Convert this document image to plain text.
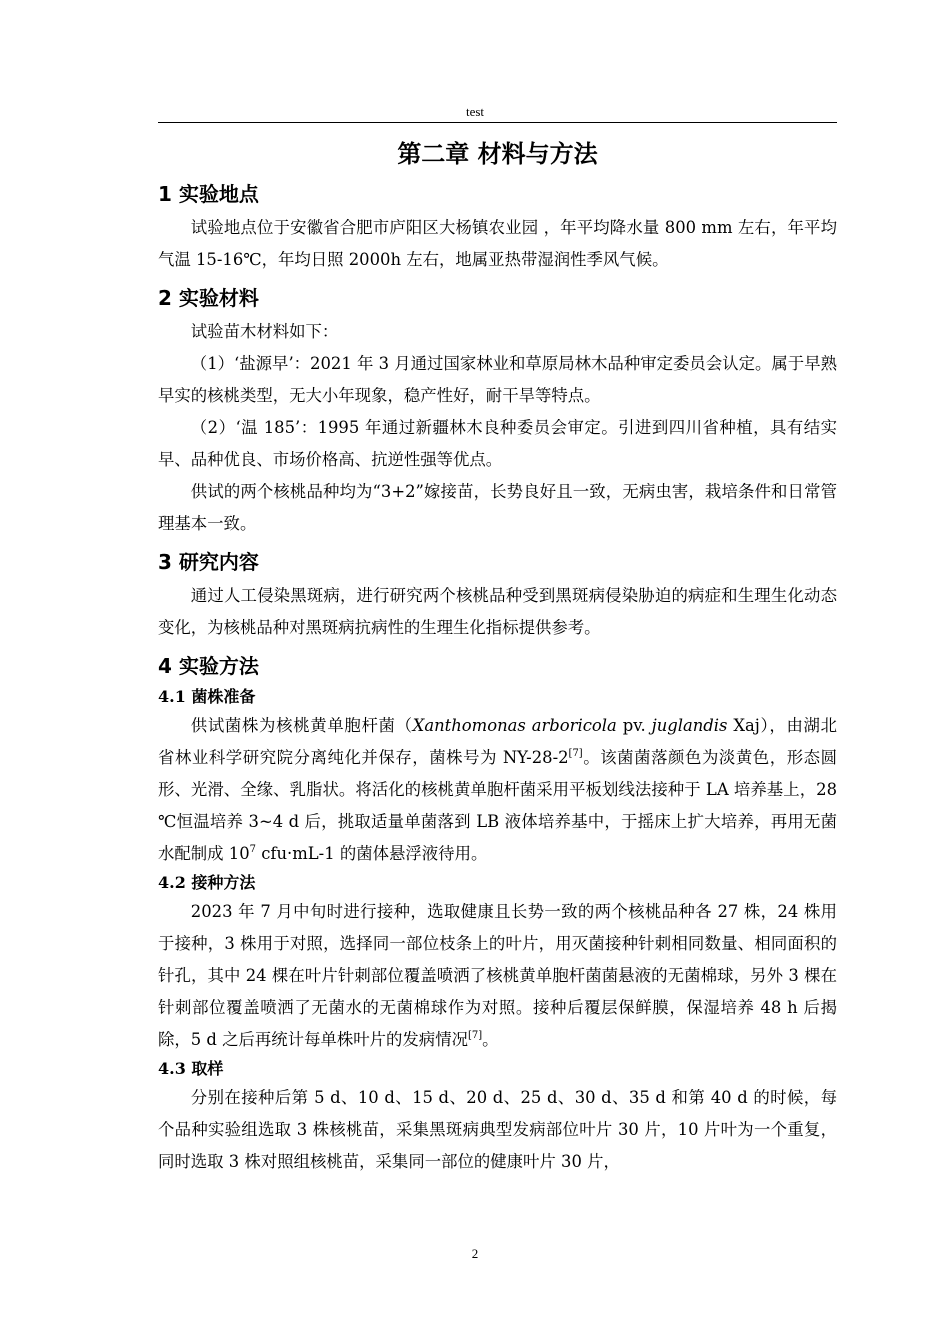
test
第二章 材料与方法
1 实验地点

试验地点位于安徽省合肥市庐阳区大杨镇农业园 ，年平均降水量 800 mm 左右，年平均气温 15-16℃，年均日照 2000h 左右，地属亚热带湿润性季风气候。

2 实验材料

试验苗木材料如下：

（1）‘盐源早’：2021 年 3 月通过国家林业和草原局林木品种审定委员会认定。属于早熟早实的核桃类型，无大小年现象，稳产性好，耐干旱等特点。

（2）‘温 185’：1995 年通过新疆林木良种委员会审定。引进到四川省种植，具有结实早、品种优良、市场价格高、抗逆性强等优点。

供试的两个核桃品种均为“3+2”嫁接苗，长势良好且一致，无病虫害，栽培条件和日常管理基本一致。

3 研究内容

通过人工侵染黑斑病，进行研究两个核桃品种受到黑斑病侵染胁迫的病症和生理生化动态变化，为核桃品种对黑斑病抗病性的生理生化指标提供参考。

4 实验方法
4.1 菌株准备

供试菌株为核桃黄单胞杆菌（Xanthomonas arboricola pv. juglandis Xaj），由湖北省林业科学研究院分离纯化并保存，菌株号为 NY-28-2[7]。该菌菌落颜色为淡黄色，形态圆形、光滑、全缘、乳脂状。将活化的核桃黄单胞杆菌采用平板划线法接种于 LA 培养基上，28 ℃恒温培养 3~4 d 后，挑取适量单菌落到 LB 液体培养基中，于摇床上扩大培养，再用无菌水配制成 $10^7$ cfu·mL-1 的菌体悬浮液待用。

4.2 接种方法

2023 年 7 月中旬时进行接种，选取健康且长势一致的两个核桃品种各 27 株，24 株用于接种，3 株用于对照，选择同一部位枝条上的叶片，用灭菌接种针刺相同数量、相同面积的针孔，其中 24 棵在叶片针刺部位覆盖喷洒了核桃黄单胞杆菌菌悬液的无菌棉球，另外 3 棵在针刺部位覆盖喷洒了无菌水的无菌棉球作为对照。接种后覆层保鲜膜，保湿培养 48 h 后揭除，5 d 之后再统计每单株叶片的发病情况[7]。

4.3 取样

分别在接种后第 5 d、10 d、15 d、20 d、25 d、30 d、35 d 和第 40 d 的时候，每个品种实验组选取 3 株核桃苗，采集黑斑病典型发病部位叶片 30 片，10 片叶为一个重复，同时选取 3 株对照组核桃苗，采集同一部位的健康叶片 30 片，

2
